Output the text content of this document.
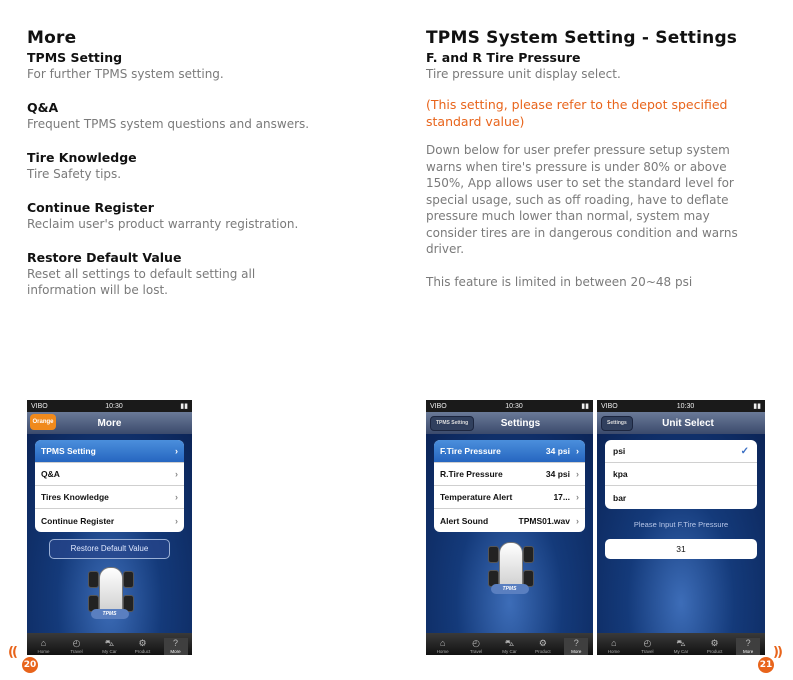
More
TPMS Setting
For further TPMS system setting.
Q&A
Frequent TPMS system questions and answers.
Tire Knowledge
Tire Safety tips.
Continue Register
Reclaim user's product warranty registration.
Restore Default Value
Reset all settings to default setting all information will be lost.
TPMS System Setting - Settings
F. and R Tire Pressure
Tire pressure unit display select.
(This setting, please refer to the depot specified standard value)
Down below for user prefer pressure setup system warns when tire's pressure is under 80% or above 150%, App allows user to set the standard level for special usage, such as off roading, have to deflate pressure much lower than normal, system may consider tires are in dangerous condition and warns driver.
This feature is limited in between 20~48 psi
VIBO	10:30	▮▮
Orange	More
TPMS Setting	›
Q&A	›
Tires Knowledge	›
Continue Register	›
Restore Default Value
TPMS
⌂
Home
◴
Travel
⛍
My Car
⚙
Product
?
More
VIBO	10:30	▮▮
TPMS Setting	Settings
F.Tire Pressure	34 psi ›
R.Tire Pressure	34 psi ›
Temperature Alert	17... ›
Alert Sound	TPMS01.wav ›
TPMS
⌂
Home
◴
Travel
⛍
My Car
⚙
Product
?
More
VIBO	10:30	▮▮
Settings	Unit Select
psi	✓
kpa
bar
Please Input F.Tire Pressure
31
⌂
Home
◴
Travel
⛍
My Car
⚙
Product
?
More
((
20	21
))
